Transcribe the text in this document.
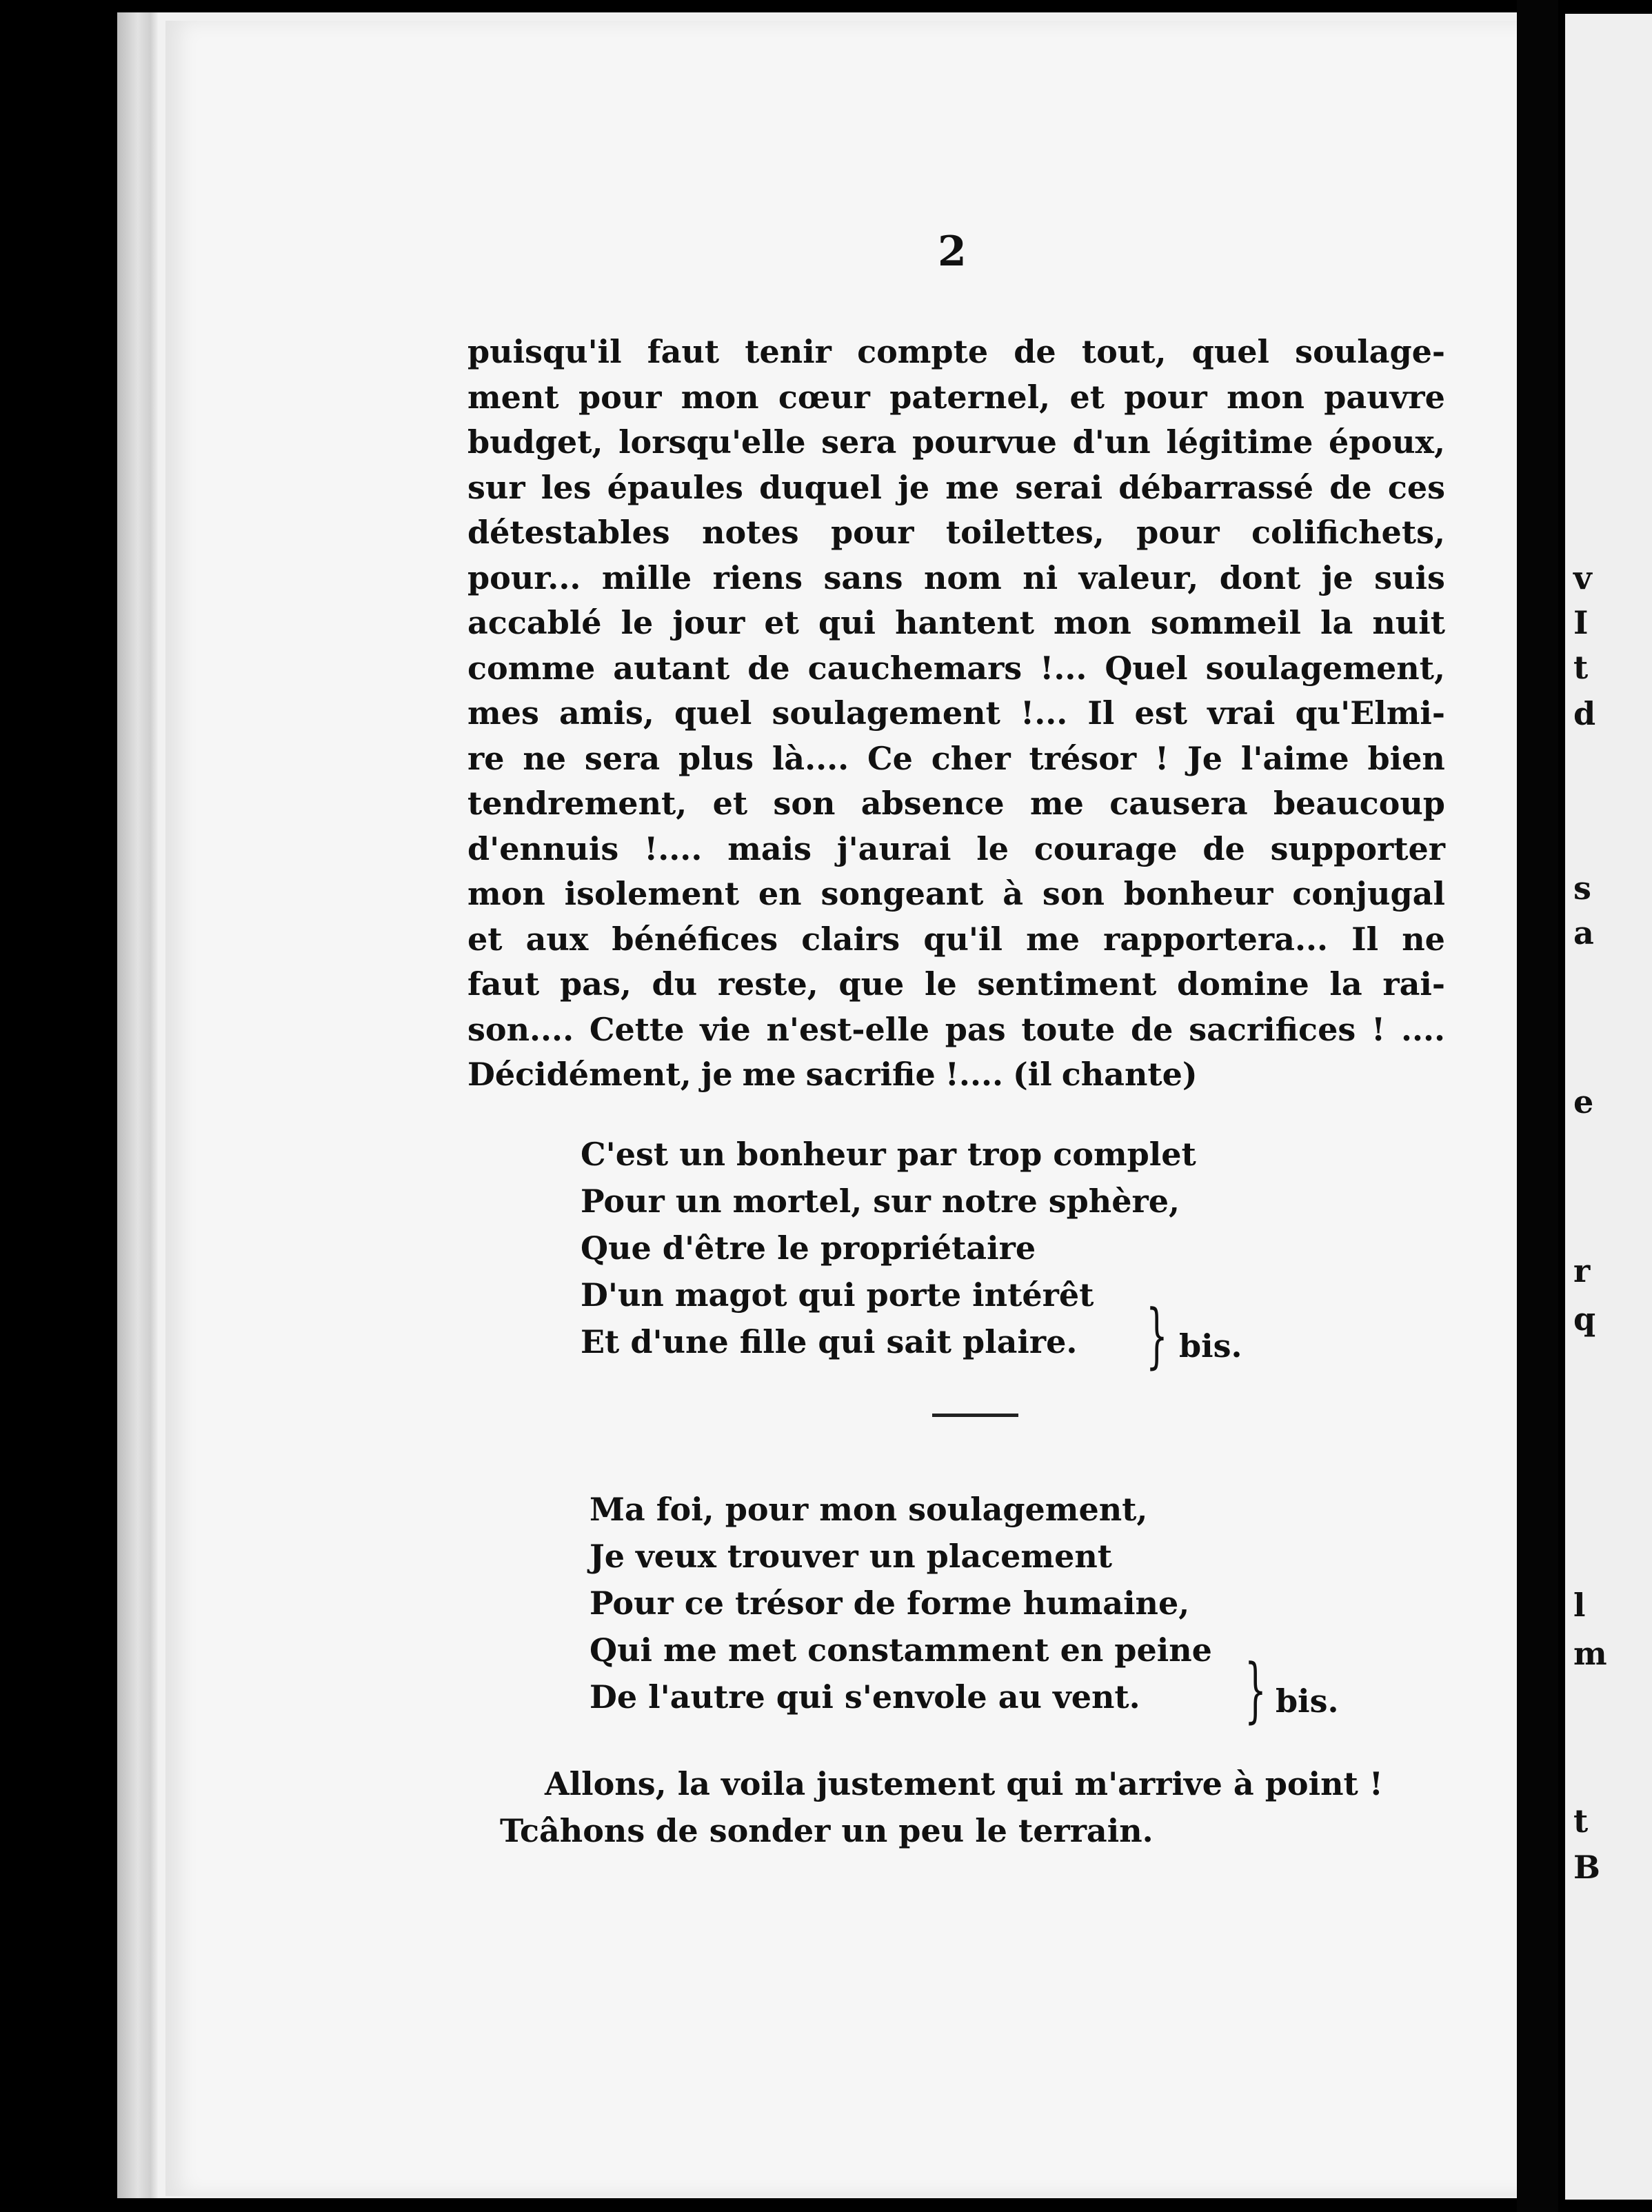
v
I
t
d
s
a
e
r
q
l
m
t
B
2
puisqu'il faut tenir compte de tout, quel soulage-
ment pour mon cœur paternel, et pour mon pauvre
budget, lorsqu'elle sera pourvue d'un légitime époux,
sur les épaules duquel je me serai débarrassé de ces
détestables notes pour toilettes, pour colifichets,
pour... mille riens sans nom ni valeur, dont je suis
accablé le jour et qui hantent mon sommeil la nuit
comme autant de cauchemars !... Quel soulagement,
mes amis, quel soulagement !... Il est vrai qu'Elmi-
re ne sera plus là.... Ce cher trésor ! Je l'aime bien
tendrement, et son absence me causera beaucoup
d'ennuis !.... mais j'aurai le courage de supporter
mon isolement en songeant à son bonheur conjugal
et aux bénéfices clairs qu'il me rapportera... Il ne
faut pas, du reste, que le sentiment domine la rai-
son.... Cette vie n'est-elle pas toute de sacrifices ! ....
Décidément, je me sacrifie !.... (il chante)
C'est un bonheur par trop complet
Pour un mortel, sur notre sphère,
Que d'être le propriétaire
D'un magot qui porte intérêt
Et d'une fille qui sait plaire.	} bis.
Ma foi, pour mon soulagement,
Je veux trouver un placement
Pour ce trésor de forme humaine,
Qui me met constamment en peine
De l'autre qui s'envole au vent.	} bis.
Allons, la voila justement qui m'arrive à point !
Tcâhons de sonder un peu le terrain.
